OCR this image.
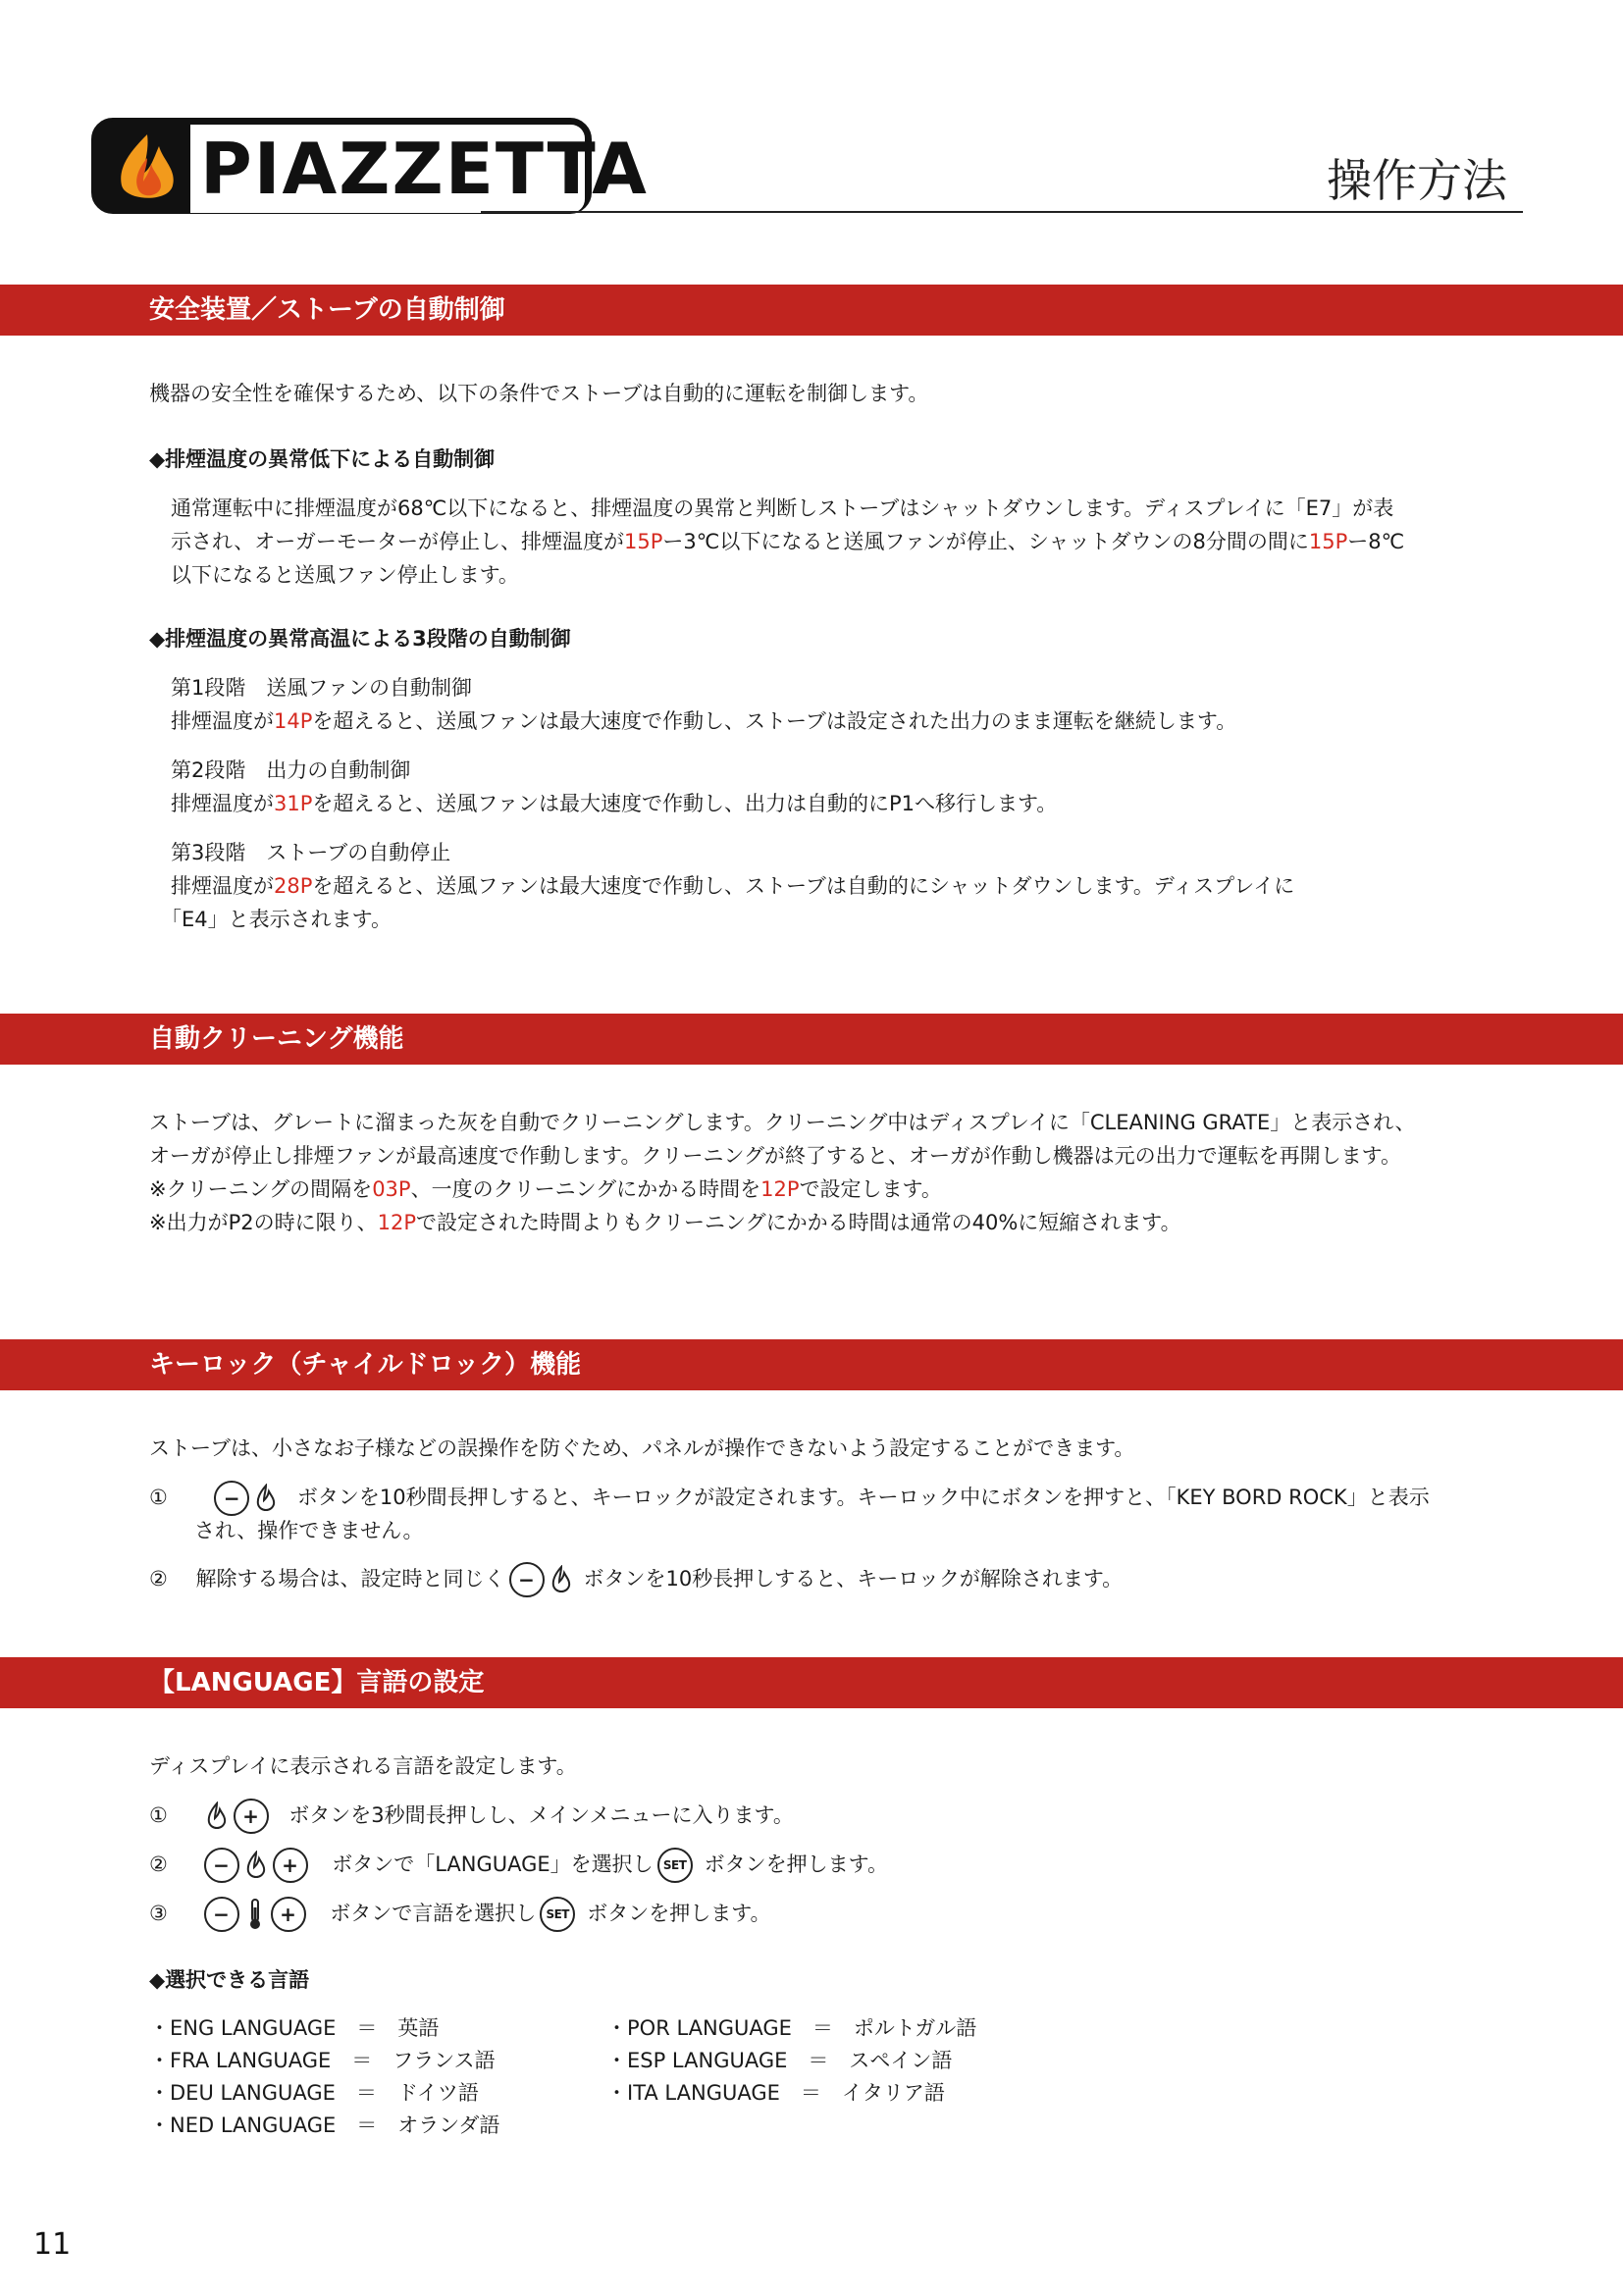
PIAZZETTA	操作方法
安全装置／ストーブの自動制御
機器の安全性を確保するため、以下の条件でストーブは自動的に運転を制御します。
◆排煙温度の異常低下による自動制御
通常運転中に排煙温度が68℃以下になると、排煙温度の異常と判断しストーブはシャットダウンします。ディスプレイに「E7」が表
示され、オーガーモーターが停止し、排煙温度が15Pー3℃以下になると送風ファンが停止、シャットダウンの8分間の間に15Pー8℃
以下になると送風ファン停止します。
◆排煙温度の異常高温による3段階の自動制御
第1段階　送風ファンの自動制御
排煙温度が14Pを超えると、送風ファンは最大速度で作動し、ストーブは設定された出力のまま運転を継続します。
第2段階　出力の自動制御
排煙温度が31Pを超えると、送風ファンは最大速度で作動し、出力は自動的にP1へ移行します。
第3段階　ストーブの自動停止
排煙温度が28Pを超えると、送風ファンは最大速度で作動し、ストーブは自動的にシャットダウンします。ディスプレイに
「E4」と表示されます。
自動クリーニング機能
ストーブは、グレートに溜まった灰を自動でクリーニングします。クリーニング中はディスプレイに「CLEANING GRATE」と表示され、
オーガが停止し排煙ファンが最高速度で作動します。クリーニングが終了すると、オーガが作動し機器は元の出力で運転を再開します。
※クリーニングの間隔を03P、一度のクリーニングにかかる時間を12Pで設定します。
※出力がP2の時に限り、12Pで設定された時間よりもクリーニングにかかる時間は通常の40%に短縮されます。
キーロック（チャイルドロック）機能
ストーブは、小さなお子様などの誤操作を防ぐため、パネルが操作できないよう設定することができます。
①	−	ボタンを10秒間長押しすると、キーロックが設定されます。キーロック中にボタンを押すと、「KEY BORD ROCK」と表示
され、操作できません。
② 解除する場合は、設定時と同じく − ボタンを10秒長押しすると、キーロックが解除されます。
【LANGUAGE】言語の設定
ディスプレイに表示される言語を設定します。
①	+ ボタンを3秒間長押しし、メインメニューに入ります。
② −	+ ボタンで「LANGUAGE」を選択し SET ボタンを押します。
③ −	+ ボタンで言語を選択し SET ボタンを押します。
◆選択できる言語
・ENG LANGUAGE　＝　英語
・FRA LANGUAGE　＝　フランス語
・DEU LANGUAGE　＝　ドイツ語
・NED LANGUAGE　＝　オランダ語
・POR LANGUAGE　＝　ポルトガル語
・ESP LANGUAGE　＝　スペイン語
・ITA LANGUAGE　＝　イタリア語
11
